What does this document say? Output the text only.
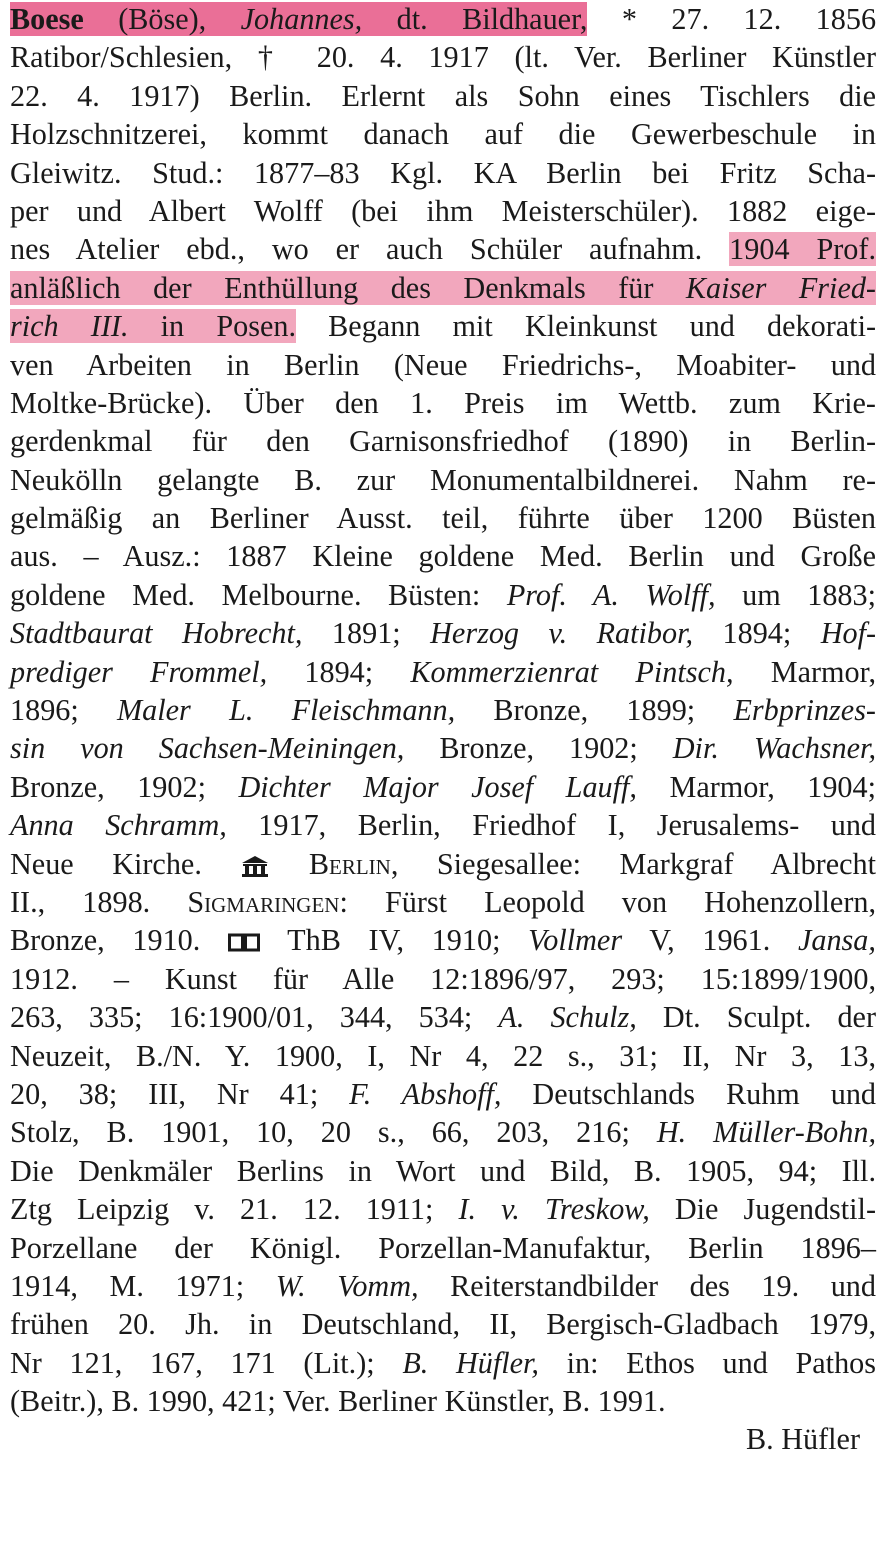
Boese (Böse), Johannes, dt. Bildhauer, * 27. 12. 1856
Ratibor/Schlesien, † 20. 4. 1917 (lt. Ver. Berliner Künstler
22. 4. 1917) Berlin. Erlernt als Sohn eines Tischlers die
Holzschnitzerei, kommt danach auf die Gewerbeschule in
Gleiwitz. Stud.: 1877–83 Kgl. KA Berlin bei Fritz Scha-
per und Albert Wolff (bei ihm Meisterschüler). 1882 eige-
nes Atelier ebd., wo er auch Schüler aufnahm. 1904 Prof.
anläßlich der Enthüllung des Denkmals für Kaiser Fried-
rich III. in Posen. Begann mit Kleinkunst und dekorati-
ven Arbeiten in Berlin (Neue Friedrichs-, Moabiter- und
Moltke-Brücke). Über den 1. Preis im Wettb. zum Krie-
gerdenkmal für den Garnisonsfriedhof (1890) in Berlin-
Neukölln gelangte B. zur Monumentalbildnerei. Nahm re-
gelmäßig an Berliner Ausst. teil, führte über 1200 Büsten
aus. – Ausz.: 1887 Kleine goldene Med. Berlin und Große
goldene Med. Melbourne. Büsten: Prof. A. Wolff, um 1883;
Stadtbaurat Hobrecht, 1891; Herzog v. Ratibor, 1894; Hof-
prediger Frommel, 1894; Kommerzienrat Pintsch, Marmor,
1896; Maler L. Fleischmann, Bronze, 1899; Erbprinzes-
sin von Sachsen-Meiningen, Bronze, 1902; Dir. Wachsner,
Bronze, 1902; Dichter Major Josef Lauff, Marmor, 1904;
Anna Schramm, 1917, Berlin, Friedhof I, Jerusalems- und
Neue Kirche.	Berlin, Siegesallee: Markgraf Albrecht
II., 1898. Sigmaringen: Fürst Leopold von Hohenzollern,
Bronze, 1910.	ThB IV, 1910; Vollmer V, 1961. Jansa,
1912. – Kunst für Alle 12:1896/97, 293; 15:1899/1900,
263, 335; 16:1900/01, 344, 534; A. Schulz, Dt. Sculpt. der
Neuzeit, B./N. Y. 1900, I, Nr 4, 22 s., 31; II, Nr 3, 13,
20, 38; III, Nr 41; F. Abshoff, Deutschlands Ruhm und
Stolz, B. 1901, 10, 20 s., 66, 203, 216; H. Müller-Bohn,
Die Denkmäler Berlins in Wort und Bild, B. 1905, 94; Ill.
Ztg Leipzig v. 21. 12. 1911; I. v. Treskow, Die Jugendstil-
Porzellane der Königl. Porzellan-Manufaktur, Berlin 1896–
1914, M. 1971; W. Vomm, Reiterstandbilder des 19. und
frühen 20. Jh. in Deutschland, II, Bergisch-Gladbach 1979,
Nr 121, 167, 171 (Lit.); B. Hüfler, in: Ethos und Pathos
(Beitr.), B. 1990, 421; Ver. Berliner Künstler, B. 1991.
B. Hüfler
